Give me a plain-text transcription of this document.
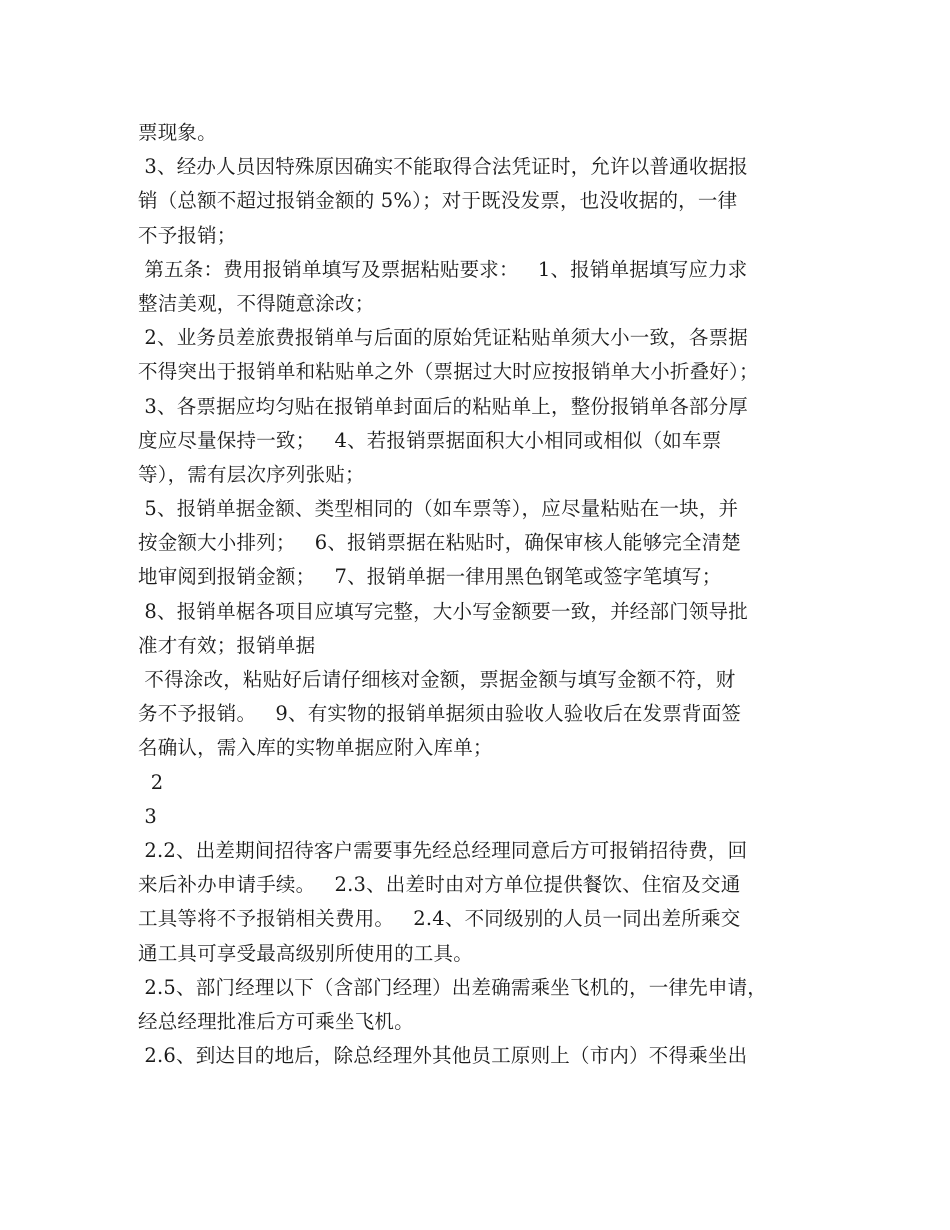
票现象。
3、经办人员因特殊原因确实不能取得合法凭证时，允许以普通收据报
销（总额不超过报销金额的 5%）；对于既没发票，也没收据的，一律
不予报销；
第五条：费用报销单填写及票据粘贴要求：   1、报销单据填写应力求
整洁美观，不得随意涂改；
2、业务员差旅费报销单与后面的原始凭证粘贴单须大小一致，各票据
不得突出于报销单和粘贴单之外（票据过大时应按报销单大小折叠好）；
3、各票据应均匀贴在报销单封面后的粘贴单上，整份报销单各部分厚
度应尽量保持一致；   4、若报销票据面积大小相同或相似（如车票
等），需有层次序列张贴；
5、报销单据金额、类型相同的（如车票等），应尽量粘贴在一块，并
按金额大小排列；   6、报销票据在粘贴时，确保审核人能够完全清楚
地审阅到报销金额；   7、报销单据一律用黑色钢笔或签字笔填写；
8、报销单椐各项目应填写完整，大小写金额要一致，并经部门领导批
准才有效；报销单据
不得涂改，粘贴好后请仔细核对金额，票据金额与填写金额不符，财
务不予报销。   9、有实物的报销单据须由验收人验收后在发票背面签
名确认，需入库的实物单据应附入库单；
2
3
2.2、出差期间招待客户需要事先经总经理同意后方可报销招待费，回
来后补办申请手续。   2.3、出差时由对方单位提供餐饮、住宿及交通
工具等将不予报销相关费用。   2.4、不同级别的人员一同出差所乘交
通工具可享受最高级别所使用的工具。
2.5、部门经理以下（含部门经理）出差确需乘坐飞机的，一律先申请，
经总经理批准后方可乘坐飞机。
2.6、到达目的地后，除总经理外其他员工原则上（市内）不得乘坐出
